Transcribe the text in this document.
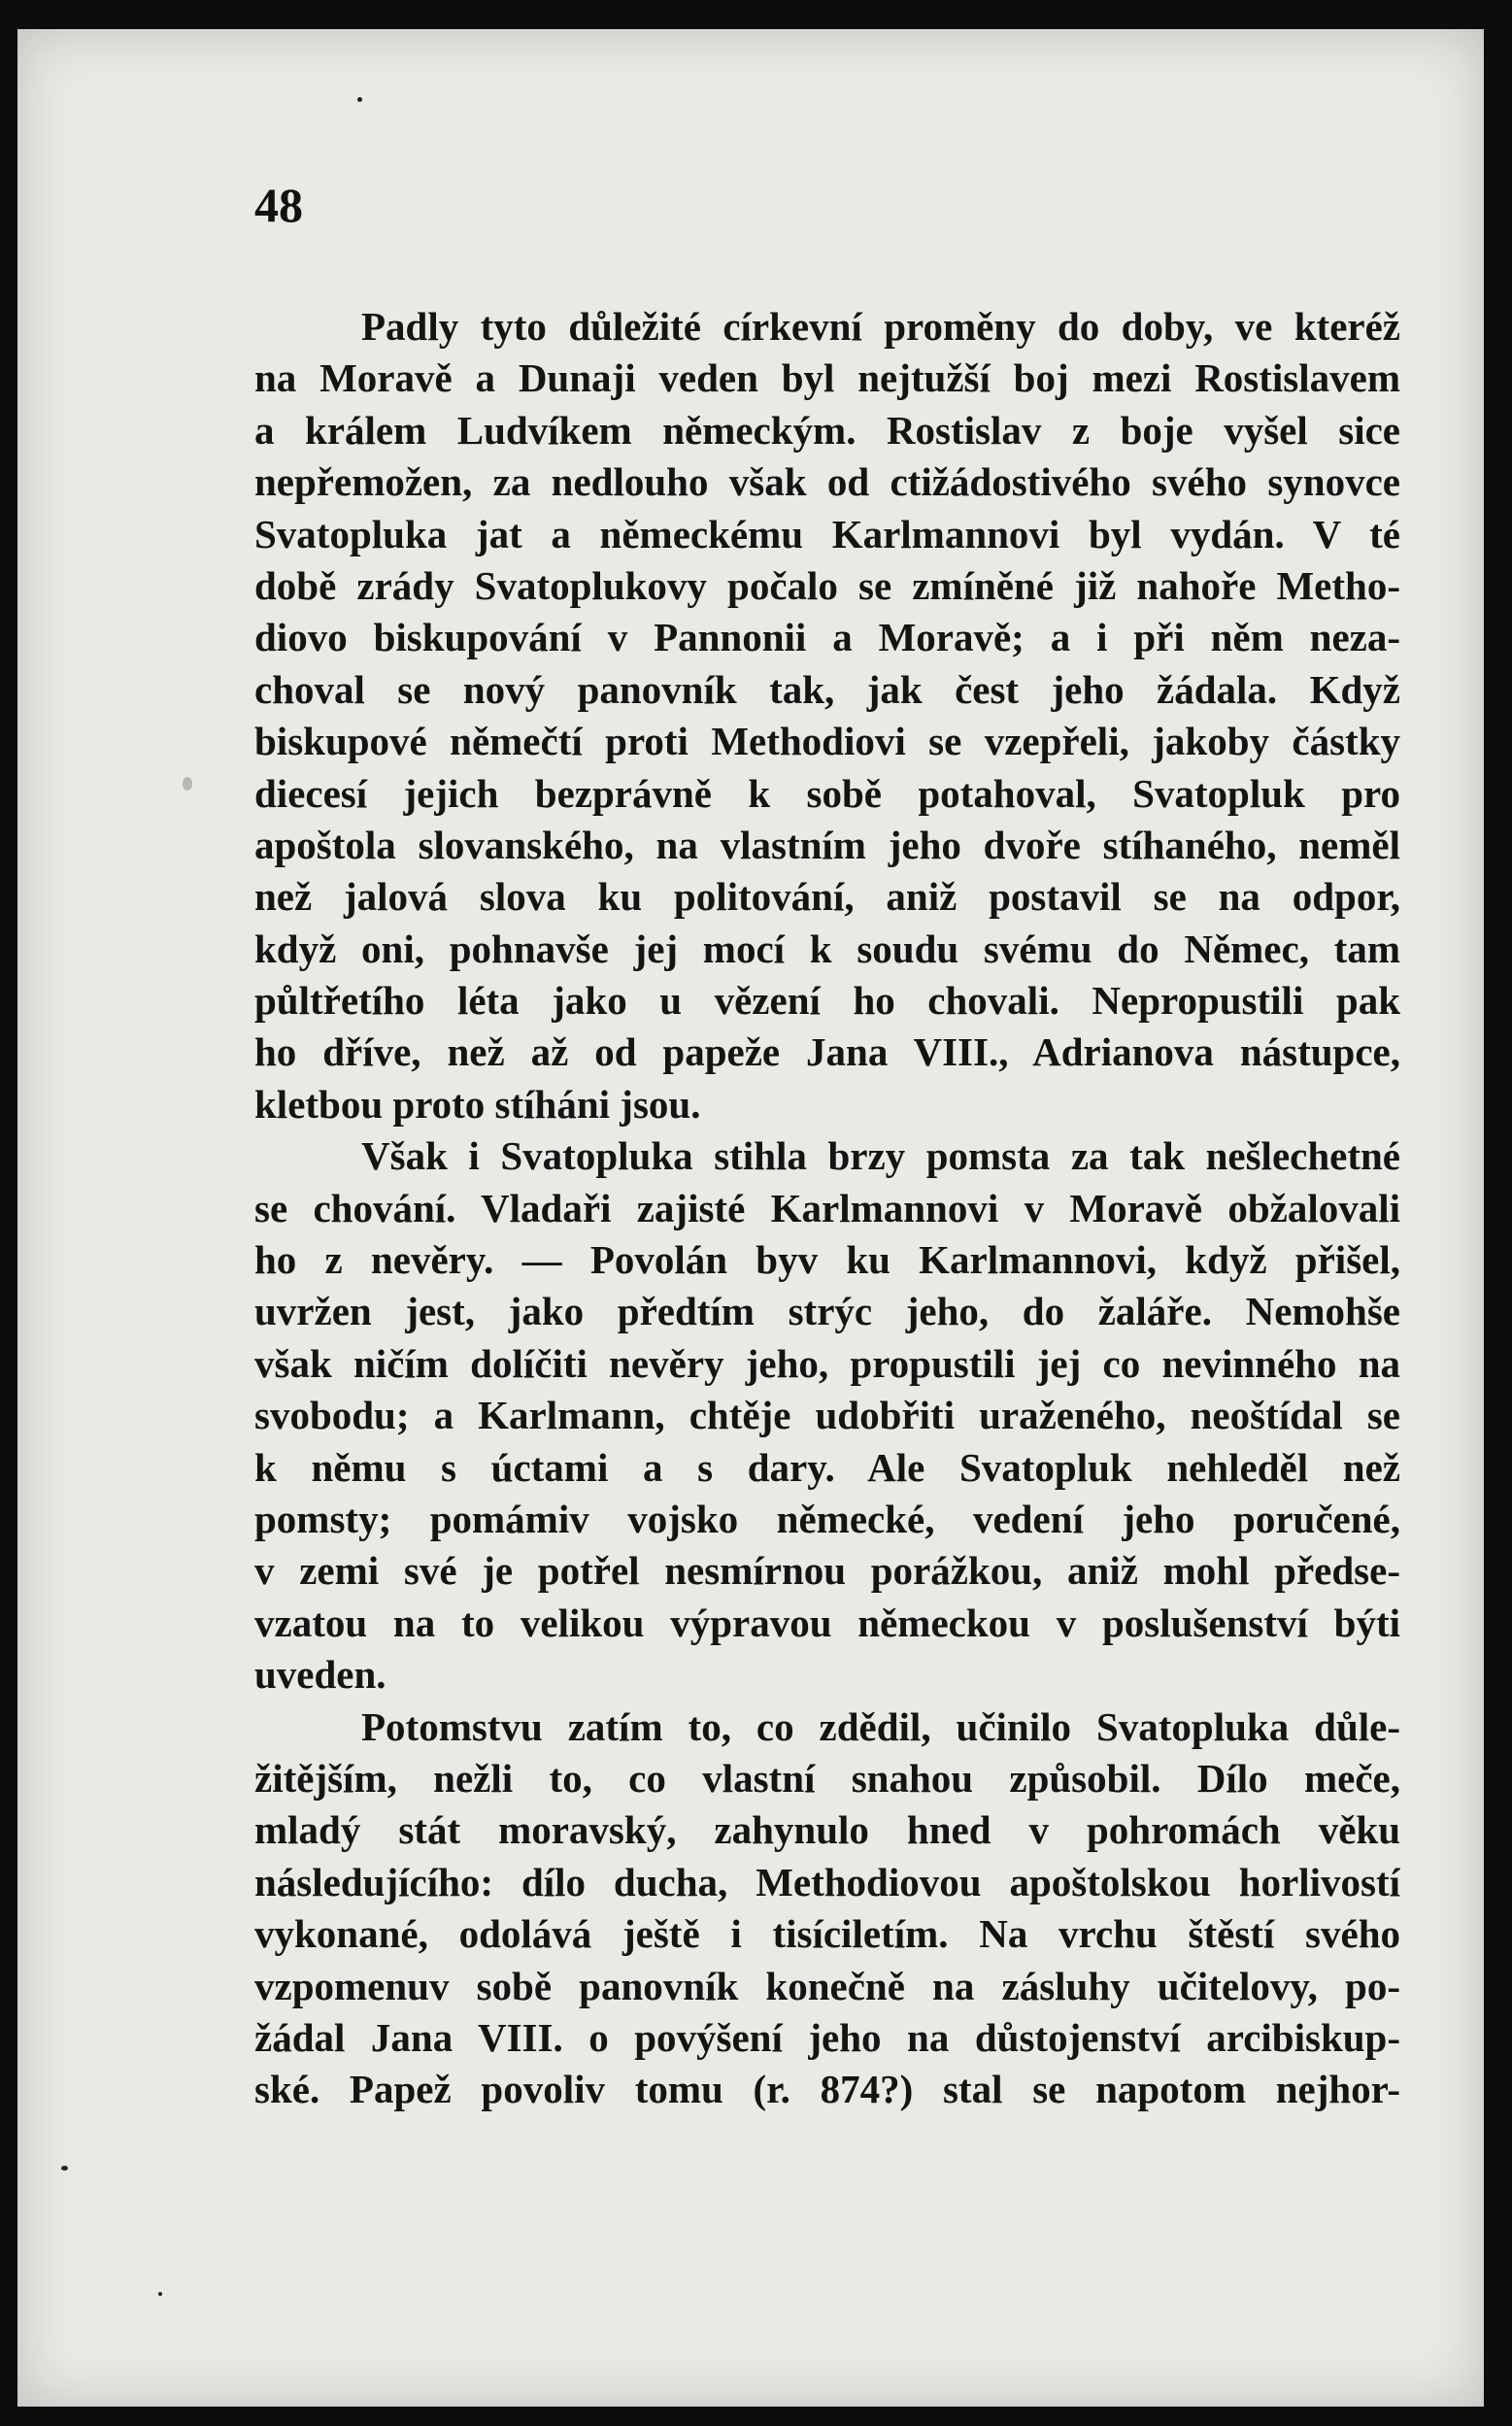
48

Padly tyto důležité církevní proměny do doby, ve kteréž
na Moravě a Dunaji veden byl nejtužší boj mezi Rostislavem
a králem Ludvíkem německým. Rostislav z boje vyšel sice
nepřemožen, za nedlouho však od ctižádostivého svého synovce
Svatopluka jat a německému Karlmannovi byl vydán. V té
době zrády Svatoplukovy počalo se zmíněné již nahoře Metho-
diovo biskupování v Pannonii a Moravě; a i při něm neza-
choval se nový panovník tak, jak čest jeho žádala. Když
biskupové němečtí proti Methodiovi se vzepřeli, jakoby částky
diecesí jejich bezprávně k sobě potahoval, Svatopluk pro
apoštola slovanského, na vlastním jeho dvoře stíhaného, neměl
než jalová slova ku politování, aniž postavil se na odpor,
když oni, pohnavše jej mocí k soudu svému do Němec, tam
půltřetího léta jako u vězení ho chovali. Nepropustili pak
ho dříve, než až od papeže Jana VIII., Adrianova nástupce,
kletbou proto stíháni jsou.
Však i Svatopluka stihla brzy pomsta za tak nešlechetné
se chování. Vladaři zajisté Karlmannovi v Moravě obžalovali
ho z nevěry. — Povolán byv ku Karlmannovi, když přišel,
uvržen jest, jako předtím strýc jeho, do žaláře. Nemohše
však ničím dolíčiti nevěry jeho, propustili jej co nevinného na
svobodu; a Karlmann, chtěje udobřiti uraženého, neoštídal se
k němu s úctami a s dary. Ale Svatopluk nehleděl než
pomsty; pomámiv vojsko německé, vedení jeho poručené,
v zemi své je potřel nesmírnou porážkou, aniž mohl předse-
vzatou na to velikou výpravou německou v poslušenství býti
uveden.
Potomstvu zatím to, co zdědil, učinilo Svatopluka důle-
žitějším, nežli to, co vlastní snahou způsobil. Dílo meče,
mladý stát moravský, zahynulo hned v pohromách věku
následujícího: dílo ducha, Methodiovou apoštolskou horlivostí
vykonané, odolává ještě i tisíciletím. Na vrchu štěstí svého
vzpomenuv sobě panovník konečně na zásluhy učitelovy, po-
žádal Jana VIII. o povýšení jeho na důstojenství arcibiskup-
ské. Papež povoliv tomu (r. 874?) stal se napotom nejhor-
